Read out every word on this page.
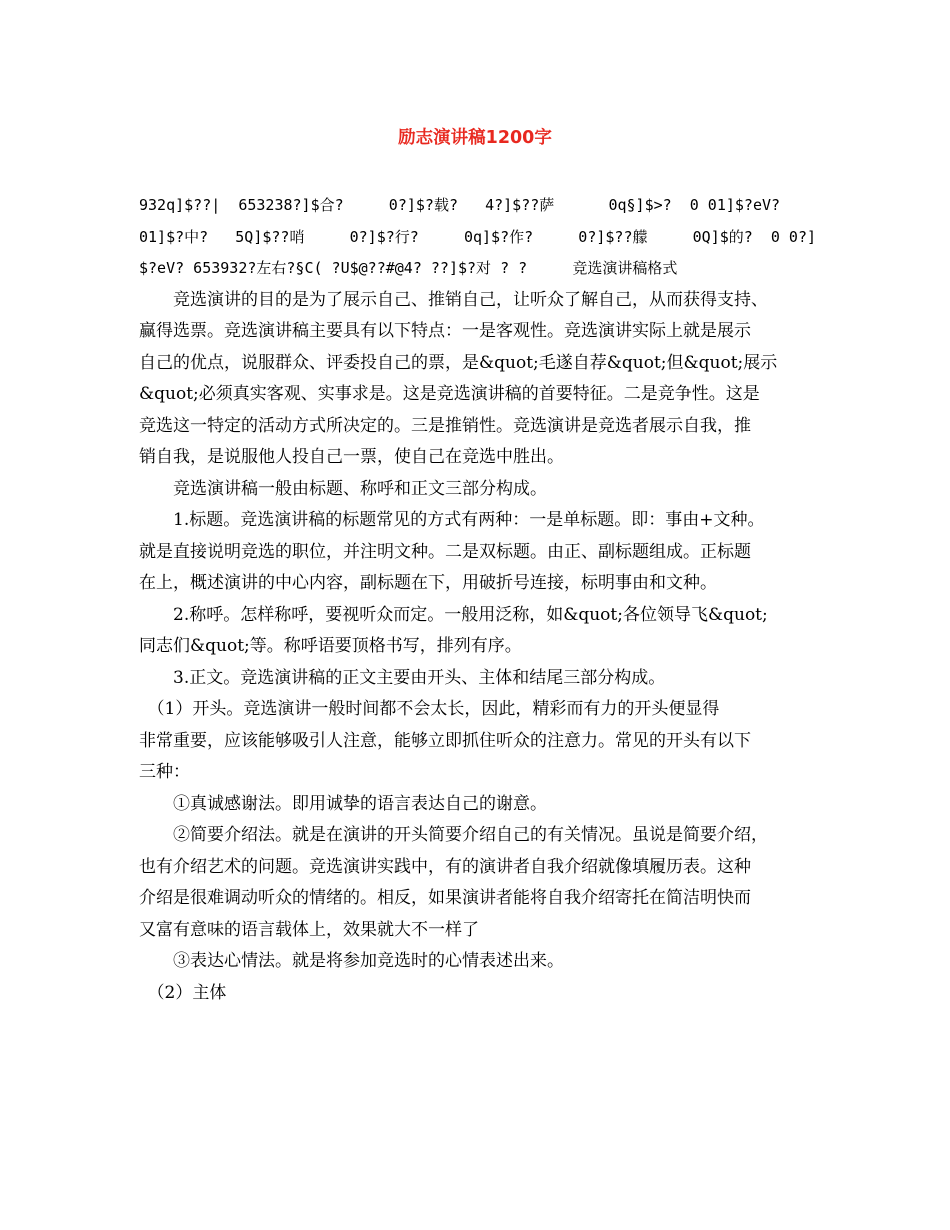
励志演讲稿1200字
932q]$??|  653238?]$合?     0?]$?载?   4?]$??萨      0q§]$>?  0 01]$?eV?
01]$?中?   5Q]$??哨     0?]$?行?     0q]$?作?     0?]$??艨     0Q]$的?  0 0?]
$?eV? 653932?左右?§C( ?U$@??#@4? ??]$?对 ? ?     竞选演讲稿格式
　　竞选演讲的目的是为了展示自己、推销自己，让听众了解自己，从而获得支持、
赢得选票。竞选演讲稿主要具有以下特点：一是客观性。竞选演讲实际上就是展示
自己的优点，说服群众、评委投自己的票，是&quot;毛遂自荐&quot;但&quot;展示
&quot;必须真实客观、实事求是。这是竞选演讲稿的首要特征。二是竞争性。这是
竞选这一特定的活动方式所决定的。三是推销性。竞选演讲是竞选者展示自我，推
销自我，是说服他人投自己一票，使自己在竞选中胜出。
　　竞选演讲稿一般由标题、称呼和正文三部分构成。
　　1.标题。竞选演讲稿的标题常见的方式有两种：一是单标题。即：事由+文种。
就是直接说明竞选的职位，并注明文种。二是双标题。由正、副标题组成。正标题
在上，概述演讲的中心内容，副标题在下，用破折号连接，标明事由和文种。
　　2.称呼。怎样称呼，要视听众而定。一般用泛称，如&quot;各位领导飞&quot;
同志们&quot;等。称呼语要顶格书写，排列有序。
　　3.正文。竞选演讲稿的正文主要由开头、主体和结尾三部分构成。
　（1）开头。竞选演讲一般时间都不会太长，因此，精彩而有力的开头便显得
非常重要，应该能够吸引人注意，能够立即抓住听众的注意力。常见的开头有以下
三种：
　　①真诚感谢法。即用诚挚的语言表达自己的谢意。
　　②简要介绍法。就是在演讲的开头简要介绍自己的有关情况。虽说是简要介绍，
也有介绍艺术的问题。竞选演讲实践中，有的演讲者自我介绍就像填履历表。这种
介绍是很难调动听众的情绪的。相反，如果演讲者能将自我介绍寄托在简洁明快而
又富有意味的语言载体上，效果就大不一样了
　　③表达心情法。就是将参加竞选时的心情表述出来。
　（2）主体
